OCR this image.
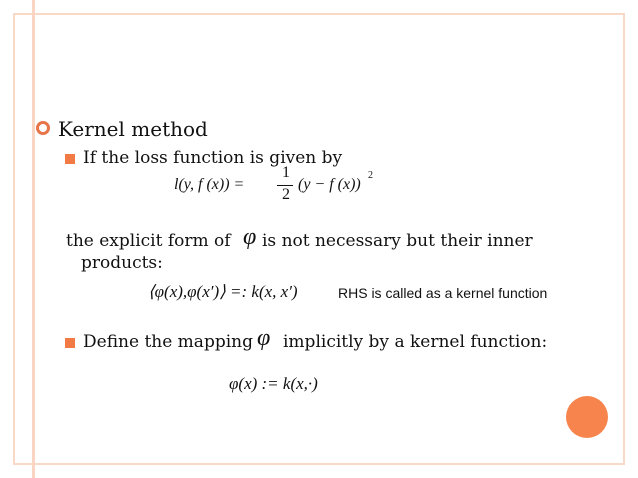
Kernel method
If the loss function is given by
l(y, f (x)) =
1
2
(y − f (x))
2
the explicit form of φ is not necessary but their inner
products:
⟨φ(x),φ(x′)⟩ =: k(x, x′)	RHS is called as a kernel function
Define the mapping φ implicitly by a kernel function:
φ(x) := k(x,·)
